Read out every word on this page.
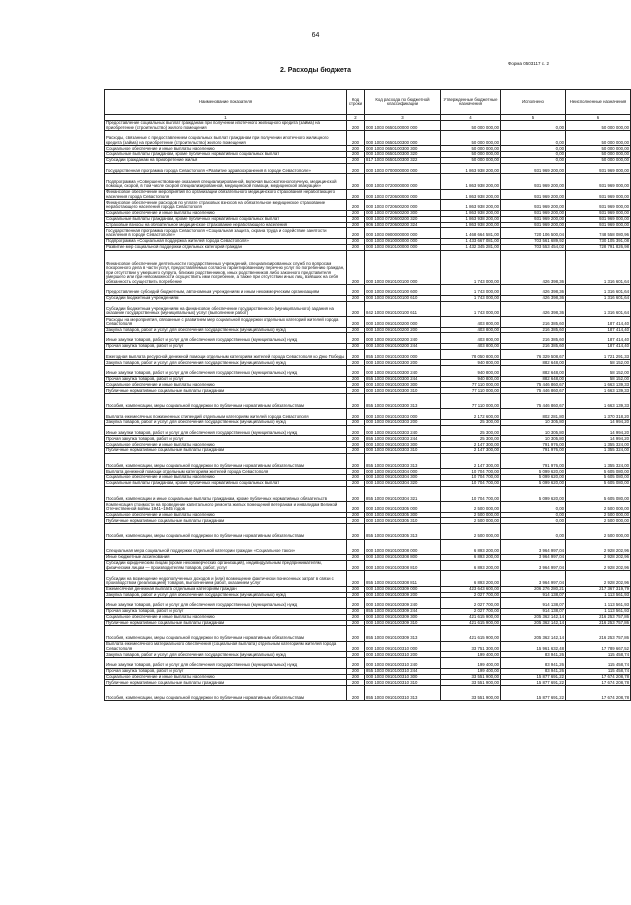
64
Форма 0503117 с. 2
2. Расходы бюджета
Наименование показателя	Код строки	Код расхода по бюджетной классификации	Утвержденные бюджетные назначения	Исполнено	Неисполненные назначения
1	2	3	4	5	6
Предоставление социальных выплат гражданам при получении ипотечного жилищного кредита (займа) на приобретение (строительство) жилого помещения	200	000 1003 0650100000 000	50 000 000,00	0,00	50 000 000,00
Расходы, связанные с предоставлением социальных выплат гражданам при получении ипотечного жилищного кредита (займа) на приобретение (строительство) жилого помещения	200	000 1003 0650100300 000	50 000 000,00	0,00	50 000 000,00
Социальное обеспечение и иные выплаты населению	200	000 1003 0650100300 300	50 000 000,00	0,00	50 000 000,00
Социальные выплаты гражданам, кроме публичных нормативных социальных выплат	200	000 1003 0650100300 320	50 000 000,00	0,00	50 000 000,00
Субсидии гражданам на приобретение жилья	200	817 1003 0650100300 322	50 000 000,00	0,00	50 000 000,00
Государственная программа города Севастополя «Развитие здравоохранения в городе Севастополе»	200	000 1003 0700000000 000	1 863 938 200,00	931 969 200,00	931 969 000,00
Подпрограмма «Совершенствование оказания специализированной, включая высокотехнологичную, медицинской помощи, скорой, в том числе скорой специализированной, медицинской помощи, медицинской эвакуации»	200	000 1003 0720000000 000	1 863 938 200,00	931 969 200,00	931 969 000,00
Финансовое обеспечение мероприятий по организации обязательного медицинского страхования неработающего населения города Севастополя	200	000 1003 0720600000 000	1 863 938 200,00	931 969 200,00	931 969 000,00
Финансовое обеспечение расходов по уплате страховых взносов на обязательное медицинское страхование неработающего населения города Севастополя	200	000 1003 0720600200 000	1 863 938 200,00	931 969 200,00	931 969 000,00
Социальное обеспечение и иные выплаты населению	200	000 1003 0720600200 300	1 863 938 200,00	931 969 200,00	931 969 000,00
Социальные выплаты гражданам, кроме публичных нормативных социальных выплат	200	000 1003 0720600200 320	1 863 938 200,00	931 969 200,00	931 969 000,00
Страховые взносы на обязательное медицинское страхование неработающего населения	200	906 1003 0720600200 324	1 863 938 200,00	931 969 200,00	931 969 000,00
Государственная программа города Севастополя «Социальная защита, охрана труда и содействие занятости населения в городе Севастополе»	200	000 1003 0900000000 000	1 468 664 581,00	720 106 500,04	748 558 080,96
Подпрограмма «Социальная поддержка жителей города Севастополя»	200	000 1003 0910000000 000	1 433 667 081,00	703 561 689,92	730 105 391,08
Развитие мер социальной поддержки отдельных категорий граждан	200	000 1003 0910100000 000	1 432 345 281,00	703 553 454,02	728 791 826,98
Финансовое обеспечение деятельности государственных учреждений, специализированных служб по вопросам похоронного дела в части услуг, предоставляемых согласно гарантированному перечню услуг по погребению граждан, при отсутствии у умершего супруга, близких родственников, иных родственников либо законного представителя умершего или при невозможности осуществить ими погребение, а также при отсутствии иных лиц, взявших на себя обязанность осуществить погребение	200	000 1003 0910100100 000	1 743 000,00	426 398,36	1 316 601,64
Предоставление субсидий бюджетным, автономным учреждениям и иным некоммерческим организациям	200	000 1003 0910100100 600	1 743 000,00	426 398,36	1 316 601,64
Субсидии бюджетным учреждениям	200	000 1003 0910100100 610	1 743 000,00	426 398,36	1 316 601,64
Субсидии бюджетным учреждениям на финансовое обеспечение государственного (муниципального) задания на оказание государственных (муниципальных) услуг (выполнение работ)	200	842 1003 0910100100 611	1 743 000,00	426 398,36	1 316 601,64
Расходы на мероприятия, связанные с развитием мер социальной поддержки отдельных категорий жителей города Севастополя	200	000 1003 0910100200 000	403 800,00	216 385,60	187 414,40
Закупка товаров, работ и услуг для обеспечения государственных (муниципальных) нужд	200	000 1003 0910100200 200	403 800,00	216 385,60	187 414,40
Иные закупки товаров, работ и услуг для обеспечения государственных (муниципальных) нужд	200	000 1003 0910100200 240	403 800,00	216 385,60	187 414,40
Прочая закупка товаров, работ и услуг	200	000 1003 0910100200 244	403 800,00	216 385,60	187 414,40
Ежегодная выплата ресурсной денежной помощи отдельным категориям жителей города Севастополя ко Дню Победы	200	855 1003 0910100300 000	78 050 800,00	76 329 508,67	1 721 291,33
Закупка товаров, работ и услуг для обеспечения государственных (муниципальных) нужд	200	000 1003 0910100300 200	940 800,00	882 648,00	58 152,00
Иные закупки товаров, работ и услуг для обеспечения государственных (муниципальных) нужд	200	000 1003 0910100300 240	940 800,00	882 648,00	58 152,00
Прочая закупка товаров, работ и услуг	200	855 1003 0910100300 244	940 800,00	882 648,00	58 152,00
Социальное обеспечение и иные выплаты населению	200	000 1003 0910100300 300	77 110 000,00	75 446 860,67	1 663 139,33
Публичные нормативные социальные выплаты гражданам	200	000 1003 0910100300 310	77 110 000,00	75 446 860,67	1 663 139,33
Пособия, компенсации, меры социальной поддержки по публичным нормативным обязательствам	200	855 1003 0910100300 313	77 110 000,00	75 446 860,67	1 663 139,33
Выплата ежемесячных пожизненных стипендий отдельным категориям жителей города Севастополя	200	000 1003 0910100303 000	2 172 600,00	802 281,80	1 370 318,20
Закупка товаров, работ и услуг для обеспечения государственных (муниципальных) нужд	200	000 1003 0910100303 200	25 300,00	10 305,80	14 994,20
Иные закупки товаров, работ и услуг для обеспечения государственных (муниципальных) нужд	200	000 1003 0910100303 240	25 300,00	10 305,80	14 994,20
Прочая закупка товаров, работ и услуг	200	855 1003 0910100303 244	25 300,00	10 305,80	14 994,20
Социальное обеспечение и иные выплаты населению	200	000 1003 0910100303 300	2 147 300,00	791 976,00	1 355 324,00
Публичные нормативные социальные выплаты гражданам	200	000 1003 0910100303 310	2 147 300,00	791 976,00	1 355 324,00
Пособия, компенсации, меры социальной поддержки по публичным нормативным обязательствам	200	855 1003 0910100303 313	2 147 300,00	791 976,00	1 355 324,00
Выплата денежной помощи отдельным категориям жителей города Севастополя	200	000 1003 0910100304 000	10 704 700,00	5 099 620,00	5 605 080,00
Социальное обеспечение и иные выплаты населению	200	000 1003 0910100304 300	10 704 700,00	5 099 620,00	5 605 080,00
Социальные выплаты гражданам, кроме публичных нормативных социальных выплат	200	000 1003 0910100304 320	10 704 700,00	5 099 620,00	5 605 080,00
Пособия, компенсации и иные социальные выплаты гражданам, кроме публичных нормативных обязательств	200	855 1003 0910100304 321	10 704 700,00	5 099 620,00	5 605 080,00
Компенсация стоимости на проведение капитального ремонта жилых помещений ветеранам и инвалидам Великой Отечественной войны 1941–1945 годов	200	000 1003 0910100305 000	2 500 000,00	0,00	2 500 000,00
Социальное обеспечение и иные выплаты населению	200	000 1003 0910100305 300	2 500 000,00	0,00	2 500 000,00
Публичные нормативные социальные выплаты гражданам	200	000 1003 0910100305 310	2 500 000,00	0,00	2 500 000,00
Пособия, компенсации, меры социальной поддержки по публичным нормативным обязательствам	200	855 1003 0910100305 313	2 500 000,00	0,00	2 500 000,00
Специальная мера социальной поддержки отдельной категории граждан «Социальное такси»	200	000 1003 0910100308 000	6 893 200,00	3 964 997,04	2 928 202,96
Иные бюджетные ассигнования	200	000 1003 0910100308 800	6 893 200,00	3 964 997,04	2 928 202,96
Субсидии юридическим лицам (кроме некоммерческих организаций), индивидуальным предпринимателям, физическим лицам — производителям товаров, работ, услуг	200	000 1003 0910100308 810	6 893 200,00	3 964 997,04	2 928 202,96
Субсидии на возмещение недополученных доходов и (или) возмещение фактически понесенных затрат в связи с производством (реализацией) товаров, выполнением работ, оказанием услуг	200	855 1003 0910100308 811	6 893 200,00	3 964 997,04	2 928 202,96
Ежемесячная денежная выплата отдельным категориям граждан	200	000 1003 0910100309 000	423 643 600,00	206 276 280,21	217 367 319,79
Закупка товаров, работ и услуг для обеспечения государственных (муниципальных) нужд	200	000 1003 0910100309 200	2 027 700,00	914 138,07	1 113 561,93
Иные закупки товаров, работ и услуг для обеспечения государственных (муниципальных) нужд	200	000 1003 0910100309 240	2 027 700,00	914 138,07	1 113 561,93
Прочая закупка товаров, работ и услуг	200	855 1003 0910100309 244	2 027 700,00	914 138,07	1 113 561,93
Социальное обеспечение и иные выплаты населению	200	000 1003 0910100309 300	421 615 900,00	205 362 142,14	216 253 757,86
Публичные нормативные социальные выплаты гражданам	200	000 1003 0910100309 310	421 615 900,00	205 362 142,14	216 253 757,86
Пособия, компенсации, меры социальной поддержки по публичным нормативным обязательствам	200	855 1003 0910100309 313	421 615 900,00	205 362 142,14	216 253 757,86
Выплата ежемесячного материального обеспечения (социальная выплата) отдельным категориям жителей города Севастополя	200	000 1003 0910100310 000	33 751 300,00	15 961 632,48	17 789 667,52
Закупка товаров, работ и услуг для обеспечения государственных (муниципальных) нужд	200	000 1003 0910100310 200	199 400,00	83 941,26	115 458,74
Иные закупки товаров, работ и услуг для обеспечения государственных (муниципальных) нужд	200	000 1003 0910100310 240	199 400,00	83 941,26	115 458,74
Прочая закупка товаров, работ и услуг	200	855 1003 0910100310 244	199 400,00	83 941,26	115 458,74
Социальное обеспечение и иные выплаты населению	200	000 1003 0910100310 300	33 551 900,00	15 877 691,22	17 674 208,78
Публичные нормативные социальные выплаты гражданам	200	000 1003 0910100310 310	33 551 900,00	15 877 691,22	17 674 208,78
Пособия, компенсации, меры социальной поддержки по публичным нормативным обязательствам	200	855 1003 0910100310 313	33 551 900,00	15 877 691,22	17 674 208,78
